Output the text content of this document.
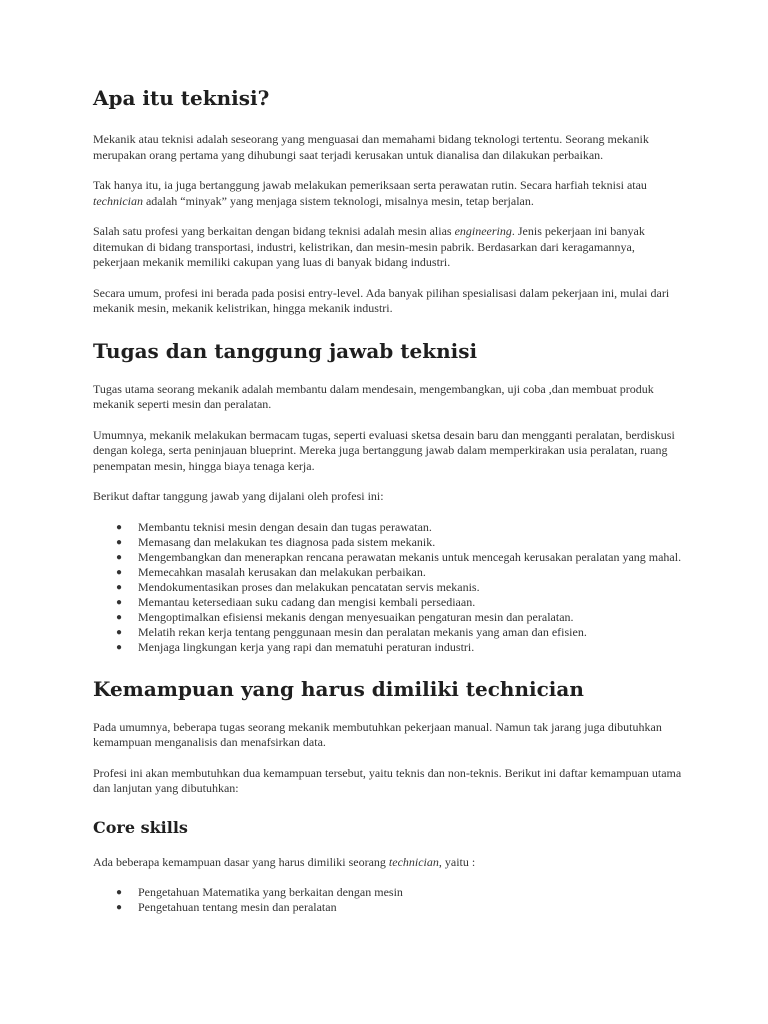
Apa itu teknisi?

Mekanik atau teknisi adalah seseorang yang menguasai dan memahami bidang teknologi tertentu. Seorang mekanik merupakan orang pertama yang dihubungi saat terjadi kerusakan untuk dianalisa dan dilakukan perbaikan.

Tak hanya itu, ia juga bertanggung jawab melakukan pemeriksaan serta perawatan rutin. Secara harfiah teknisi atau technician adalah “minyak” yang menjaga sistem teknologi, misalnya mesin, tetap berjalan.

Salah satu profesi yang berkaitan dengan bidang teknisi adalah mesin alias engineering. Jenis pekerjaan ini banyak ditemukan di bidang transportasi, industri, kelistrikan, dan mesin-mesin pabrik. Berdasarkan dari keragamannya, pekerjaan mekanik memiliki cakupan yang luas di banyak bidang industri.

Secara umum, profesi ini berada pada posisi entry-level. Ada banyak pilihan spesialisasi dalam pekerjaan ini, mulai dari mekanik mesin, mekanik kelistrikan, hingga mekanik industri.

Tugas dan tanggung jawab teknisi

Tugas utama seorang mekanik adalah membantu dalam mendesain, mengembangkan, uji coba ,dan membuat produk mekanik seperti mesin dan peralatan.

Umumnya, mekanik melakukan bermacam tugas, seperti evaluasi sketsa desain baru dan mengganti peralatan, berdiskusi dengan kolega, serta peninjauan blueprint. Mereka juga bertanggung jawab dalam memperkirakan usia peralatan, ruang penempatan mesin, hingga biaya tenaga kerja.

Berikut daftar tanggung jawab yang dijalani oleh profesi ini:

● Membantu teknisi mesin dengan desain dan tugas perawatan.
● Memasang dan melakukan tes diagnosa pada sistem mekanik.
● Mengembangkan dan menerapkan rencana perawatan mekanis untuk mencegah kerusakan peralatan yang mahal.
● Memecahkan masalah kerusakan dan melakukan perbaikan.
● Mendokumentasikan proses dan melakukan pencatatan servis mekanis.
● Memantau ketersediaan suku cadang dan mengisi kembali persediaan.
● Mengoptimalkan efisiensi mekanis dengan menyesuaikan pengaturan mesin dan peralatan.
● Melatih rekan kerja tentang penggunaan mesin dan peralatan mekanis yang aman dan efisien.
● Menjaga lingkungan kerja yang rapi dan mematuhi peraturan industri.
Kemampuan yang harus dimiliki technician

Pada umumnya, beberapa tugas seorang mekanik membutuhkan pekerjaan manual. Namun tak jarang juga dibutuhkan kemampuan menganalisis dan menafsirkan data.

Profesi ini akan membutuhkan dua kemampuan tersebut, yaitu teknis dan non-teknis. Berikut ini daftar kemampuan utama dan lanjutan yang dibutuhkan:

Core skills

Ada beberapa kemampuan dasar yang harus dimiliki seorang technician, yaitu :

● Pengetahuan Matematika yang berkaitan dengan mesin
● Pengetahuan tentang mesin dan peralatan
